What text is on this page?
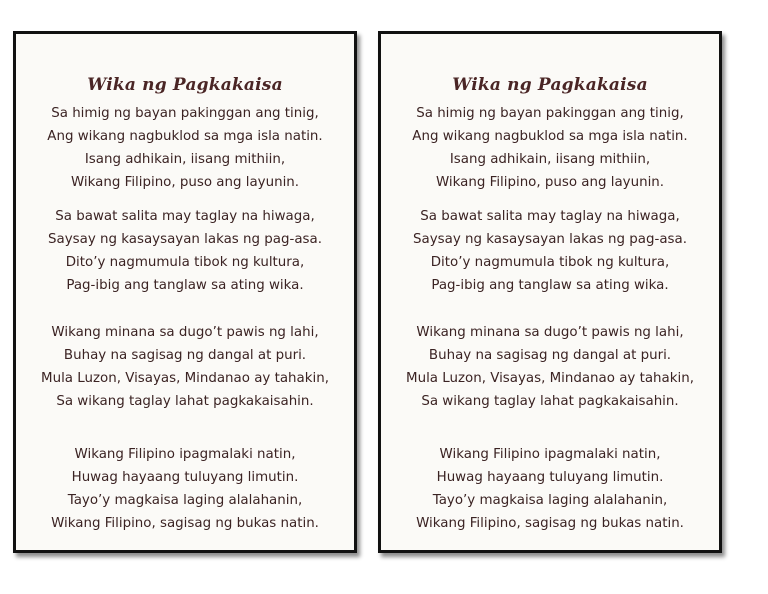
Wika ng Pagkakaisa
Sa himig ng bayan pakinggan ang tinig,
Ang wikang nagbuklod sa mga isla natin.
Isang adhikain, iisang mithiin,
Wikang Filipino, puso ang layunin.
Sa bawat salita may taglay na hiwaga,
Saysay ng kasaysayan lakas ng pag-asa.
Dito’y nagmumula tibok ng kultura,
Pag-ibig ang tanglaw sa ating wika.
Wikang minana sa dugo’t pawis ng lahi,
Buhay na sagisag ng dangal at puri.
Mula Luzon, Visayas, Mindanao ay tahakin,
Sa wikang taglay lahat pagkakaisahin.
Wikang Filipino ipagmalaki natin,
Huwag hayaang tuluyang limutin.
Tayo’y magkaisa laging alalahanin,
Wikang Filipino, sagisag ng bukas natin.
Wika ng Pagkakaisa
Sa himig ng bayan pakinggan ang tinig,
Ang wikang nagbuklod sa mga isla natin.
Isang adhikain, iisang mithiin,
Wikang Filipino, puso ang layunin.
Sa bawat salita may taglay na hiwaga,
Saysay ng kasaysayan lakas ng pag-asa.
Dito’y nagmumula tibok ng kultura,
Pag-ibig ang tanglaw sa ating wika.
Wikang minana sa dugo’t pawis ng lahi,
Buhay na sagisag ng dangal at puri.
Mula Luzon, Visayas, Mindanao ay tahakin,
Sa wikang taglay lahat pagkakaisahin.
Wikang Filipino ipagmalaki natin,
Huwag hayaang tuluyang limutin.
Tayo’y magkaisa laging alalahanin,
Wikang Filipino, sagisag ng bukas natin.
